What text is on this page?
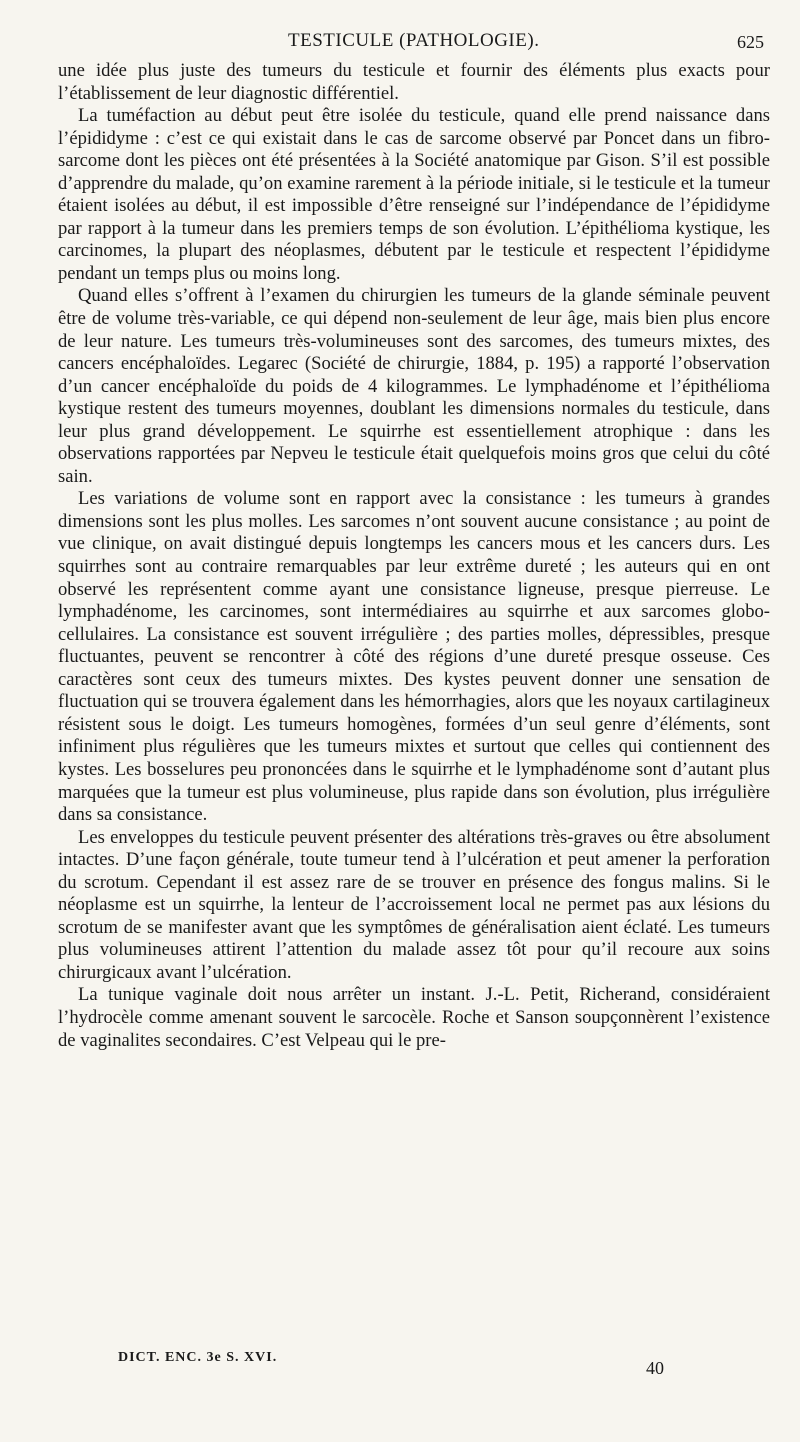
TESTICULE (PATHOLOGIE).	625

une idée plus juste des tumeurs du testicule et fournir des éléments plus exacts pour l’établissement de leur diagnostic différentiel.

La tuméfaction au début peut être isolée du testicule, quand elle prend naissance dans l’épididyme : c’est ce qui existait dans le cas de sarcome observé par Poncet dans un fibro-sarcome dont les pièces ont été présentées à la Société anatomique par Gison. S’il est possible d’apprendre du malade, qu’on examine rarement à la période initiale, si le testicule et la tumeur étaient isolées au début, il est impossible d’être renseigné sur l’indépendance de l’épididyme par rapport à la tumeur dans les premiers temps de son évolution. L’épithélioma kystique, les carcinomes, la plupart des néoplasmes, débutent par le testicule et respectent l’épididyme pendant un temps plus ou moins long.

Quand elles s’offrent à l’examen du chirurgien les tumeurs de la glande séminale peuvent être de volume très-variable, ce qui dépend non-seulement de leur âge, mais bien plus encore de leur nature. Les tumeurs très-volumineuses sont des sarcomes, des tumeurs mixtes, des cancers encéphaloïdes. Legarec (Société de chirurgie, 1884, p. 195) a rapporté l’observation d’un cancer encéphaloïde du poids de 4 kilogrammes. Le lymphadénome et l’épithélioma kystique restent des tumeurs moyennes, doublant les dimensions normales du testicule, dans leur plus grand développement. Le squirrhe est essentiellement atrophique : dans les observations rapportées par Nepveu le testicule était quelquefois moins gros que celui du côté sain.

Les variations de volume sont en rapport avec la consistance : les tumeurs à grandes dimensions sont les plus molles. Les sarcomes n’ont souvent aucune consistance ; au point de vue clinique, on avait distingué depuis longtemps les cancers mous et les cancers durs. Les squirrhes sont au contraire remarquables par leur extrême dureté ; les auteurs qui en ont observé les représentent comme ayant une consistance ligneuse, presque pierreuse. Le lymphadénome, les carcinomes, sont intermédiaires au squirrhe et aux sarcomes globo-cellulaires. La consistance est souvent irrégulière ; des parties molles, dépressibles, presque fluctuantes, peuvent se rencontrer à côté des régions d’une dureté presque osseuse. Ces caractères sont ceux des tumeurs mixtes. Des kystes peuvent donner une sensation de fluctuation qui se trouvera également dans les hémorrhagies, alors que les noyaux cartilagineux résistent sous le doigt. Les tumeurs homogènes, formées d’un seul genre d’éléments, sont infiniment plus régulières que les tumeurs mixtes et surtout que celles qui contiennent des kystes. Les bosselures peu prononcées dans le squirrhe et le lymphadénome sont d’autant plus marquées que la tumeur est plus volumineuse, plus rapide dans son évolution, plus irrégulière dans sa consistance.

Les enveloppes du testicule peuvent présenter des altérations très-graves ou être absolument intactes. D’une façon générale, toute tumeur tend à l’ulcération et peut amener la perforation du scrotum. Cependant il est assez rare de se trouver en présence des fongus malins. Si le néoplasme est un squirrhe, la lenteur de l’accroissement local ne permet pas aux lésions du scrotum de se manifester avant que les symptômes de généralisation aient éclaté. Les tumeurs plus volumineuses attirent l’attention du malade assez tôt pour qu’il recoure aux soins chirurgicaux avant l’ulcération.

La tunique vaginale doit nous arrêter un instant. J.-L. Petit, Richerand, considéraient l’hydrocèle comme amenant souvent le sarcocèle. Roche et Sanson soupçonnèrent l’existence de vaginalites secondaires. C’est Velpeau qui le pre-

DICT. ENC. 3e S. XVI.
40
